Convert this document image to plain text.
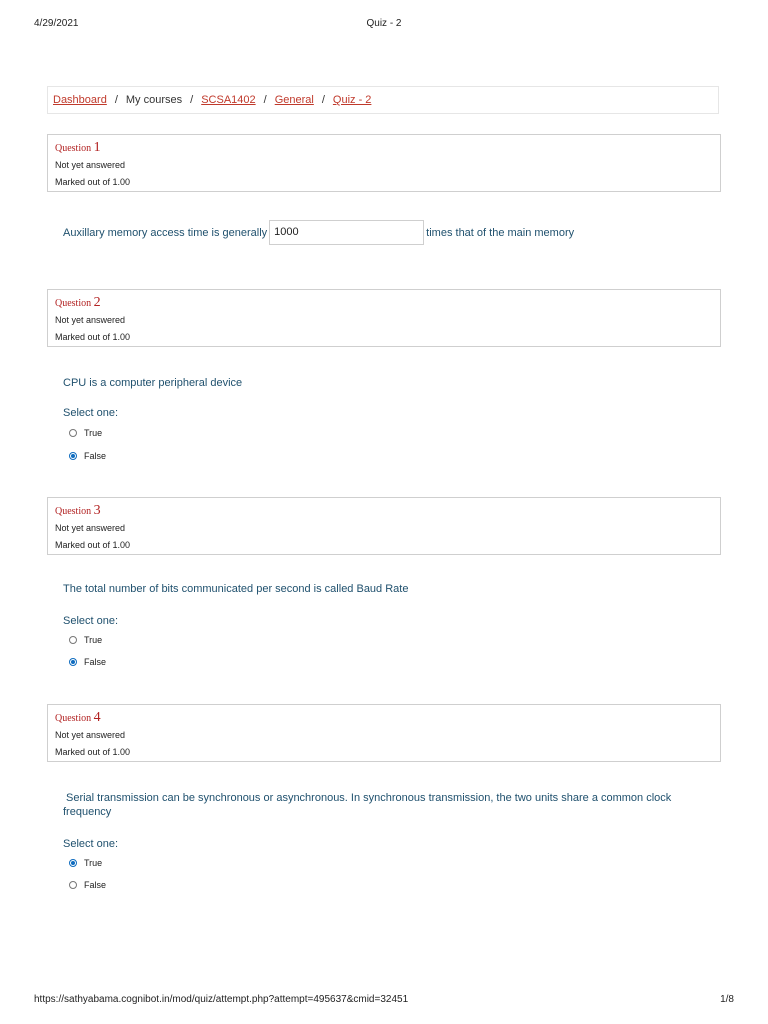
4/29/2021	Quiz - 2
Dashboard / My courses / SCSA1402 / General / Quiz - 2
Question 1
Not yet answered
Marked out of 1.00
Auxillary memory access time is generally 1000	times that of the main memory
Question 2
Not yet answered
Marked out of 1.00
CPU is a computer peripheral device
Select one:
True
False
Question 3
Not yet answered
Marked out of 1.00
The total number of bits communicated per second is called Baud Rate
Select one:
True
False
Question 4
Not yet answered
Marked out of 1.00
Serial transmission can be synchronous or asynchronous. In synchronous transmission, the two units share a common clock
frequency
Select one:
True
False
https://sathyabama.cognibot.in/mod/quiz/attempt.php?attempt=495637&cmid=32451	1/8
